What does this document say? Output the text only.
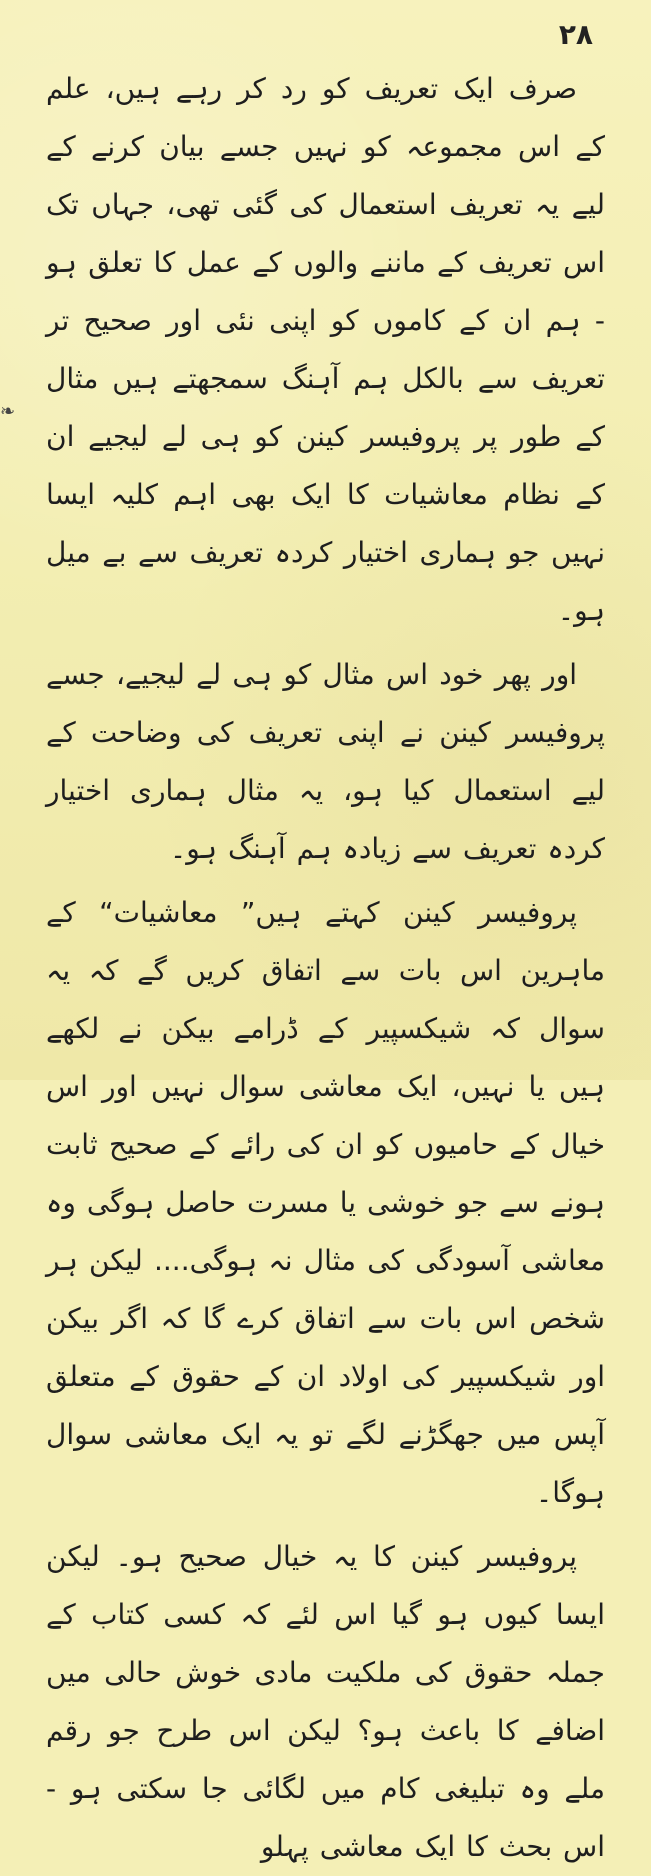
۲۸
❧

صرف ایک تعریف کو رد کر رہے ہیں، علم کے اس مجموعہ کو نہیں جسے بیان کرنے کے لیے یہ تعریف استعمال کی گئی تھی، جہاں تک اس تعریف کے ماننے والوں کے عمل کا تعلق ہو - ہم ان کے کاموں کو اپنی نئی اور صحیح تر تعریف سے بالکل ہم آہنگ سمجھتے ہیں مثال کے طور پر پروفیسر کینن کو ہی لے لیجیے ان کے نظام معاشیات کا ایک بھی اہم کلیہ ایسا نہیں جو ہماری اختیار کردہ تعریف سے بے میل ہو۔

اور پھر خود اس مثال کو ہی لے لیجیے، جسے پروفیسر کینن نے اپنی تعریف کی وضاحت کے لیے استعمال کیا ہو، یہ مثال ہماری اختیار کردہ تعریف سے زیادہ ہم آہنگ ہو۔

پروفیسر کینن کہتے ہیں” معاشیات“ کے ماہرین اس بات سے اتفاق کریں گے کہ یہ سوال کہ شیکسپیر کے ڈرامے بیکن نے لکھے ہیں یا نہیں، ایک معاشی سوال نہیں اور اس خیال کے حامیوں کو ان کی رائے کے صحیح ثابت ہونے سے جو خوشی یا مسرت حاصل ہوگی وہ معاشی آسودگی کی مثال نہ ہوگی.... لیکن ہر شخص اس بات سے اتفاق کرے گا کہ اگر بیکن اور شیکسپیر کی اولاد ان کے حقوق کے متعلق آپس میں جھگڑنے لگے تو یہ ایک معاشی سوال ہوگا۔

پروفیسر کینن کا یہ خیال صحیح ہو۔ لیکن ایسا کیوں ہو گیا اس لئے کہ کسی کتاب کے جملہ حقوق کی ملکیت مادی خوش حالی میں اضافے کا باعث ہو؟ لیکن اس طرح جو رقم ملے وہ تبلیغی کام میں لگائی جا سکتی ہو - اس بحث کا ایک معاشی پہلو
